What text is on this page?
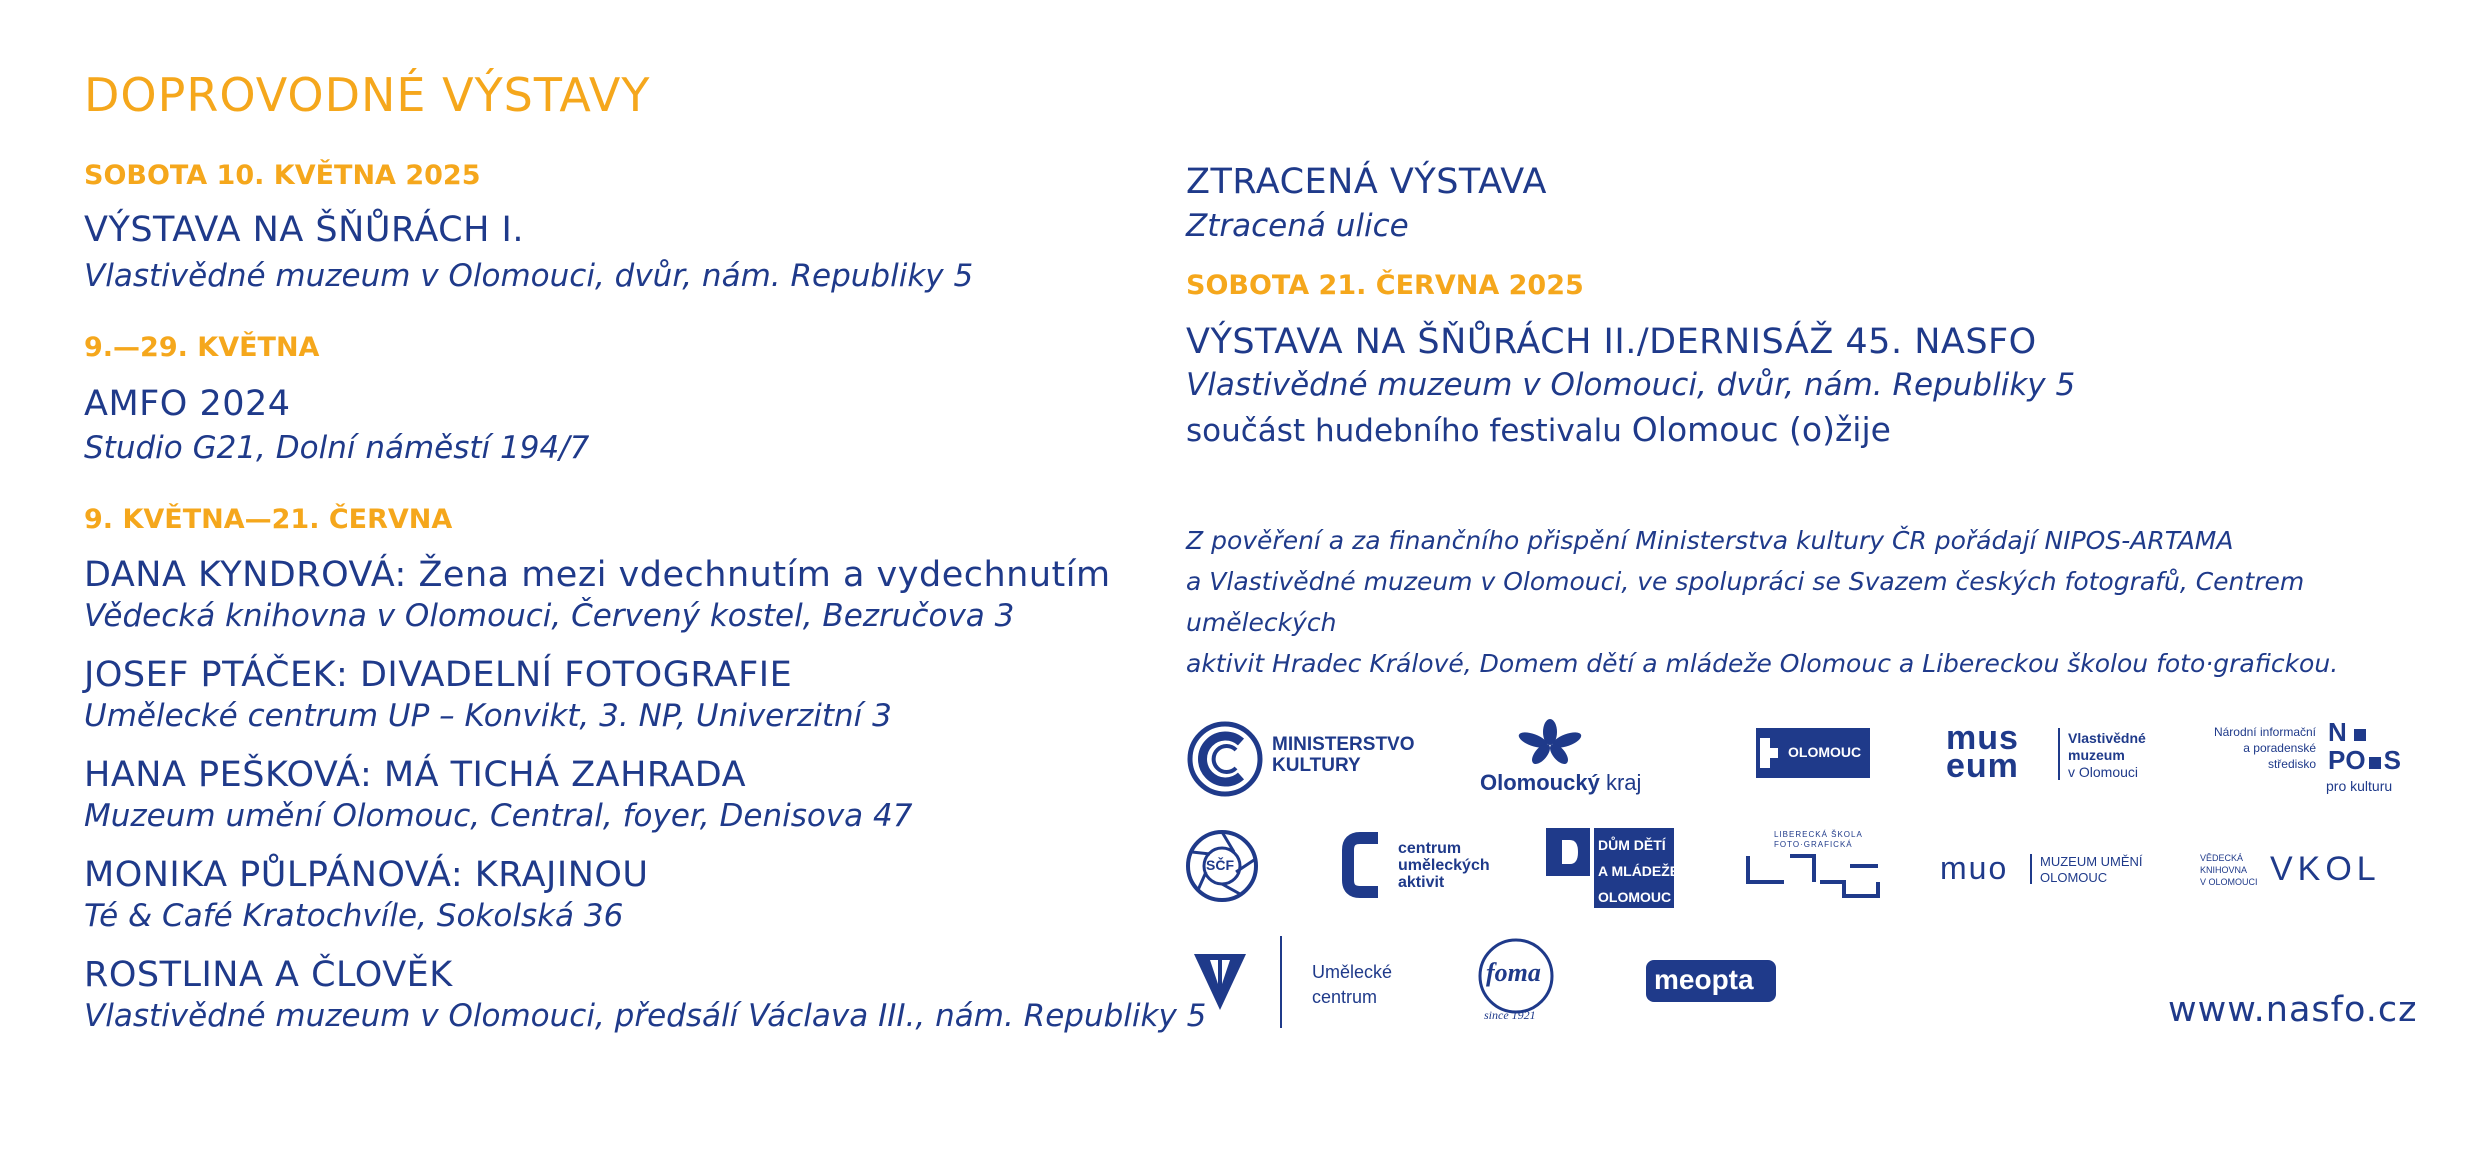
DOPROVODNÉ VÝSTAVY
SOBOTA 10. KVĚTNA 2025
VÝSTAVA NA ŠŇŮRÁCH I.
Vlastivědné muzeum v Olomouci, dvůr, nám. Republiky 5
9.—29. KVĚTNA
AMFO 2024
Studio G21, Dolní náměstí 194/7
9. KVĚTNA—21. ČERVNA
DANA KYNDROVÁ: Žena mezi vdechnutím a vydechnutím
Vědecká knihovna v Olomouci, Červený kostel, Bezručova 3
JOSEF PTÁČEK: DIVADELNÍ FOTOGRAFIE
Umělecké centrum UP – Konvikt, 3. NP, Univerzitní 3
HANA PEŠKOVÁ: MÁ TICHÁ ZAHRADA
Muzeum umění Olomouc, Central, foyer, Denisova 47
MONIKA PŮLPÁNOVÁ: KRAJINOU
Té & Café Kratochvíle, Sokolská 36
ROSTLINA A ČLOVĚK
Vlastivědné muzeum v Olomouci, předsálí Václava III., nám. Republiky 5
ZTRACENÁ VÝSTAVA
Ztracená ulice
SOBOTA 21. ČERVNA 2025
VÝSTAVA NA ŠŇŮRÁCH II./DERNISÁŽ 45. NASFO
Vlastivědné muzeum v Olomouci, dvůr, nám. Republiky 5
součást hudebního festivalu Olomouc (o)žije
Z pověření a za finančního přispění Ministerstva kultury ČR pořádají NIPOS-ARTAMA
a Vlastivědné muzeum v Olomouci, ve spolupráci se Svazem českých fotografů, Centrem uměleckých
aktivit Hradec Králové, Domem dětí a mládeže Olomouc a Libereckou školou foto·grafickou.
MINISTERSTVO
KULTURY
Olomoucký kraj
OLOMOUC mus
eum
Vlastivědné
muzeum
v Olomouci
Národní informační
a poradenské
středisko
N
PO S
pro kulturu
SČF
centrum
uměleckých
aktivit
DŮM DĚTÍ
A MLÁDEŽE
OLOMOUC
LIBERECKÁ ŠKOLA
FOTO·GRAFICKÁ
muo MUZEUM UMĚNÍ
OLOMOUC
VĚDECKÁ
KNIHOVNA
V OLOMOUCI VKOL
Umělecké
centrum
foma
since 1921
meopta
www.nasfo.cz
